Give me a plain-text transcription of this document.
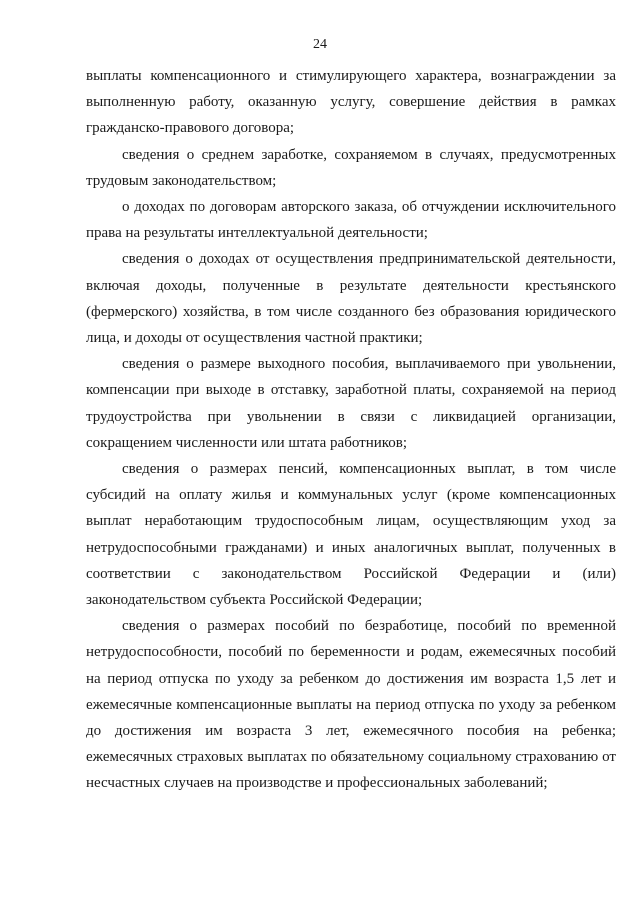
24

выплаты компенсационного и стимулирующего характера, вознаграждении за выполненную работу, оказанную услугу, совершение действия в рамках гражданско-правового договора;

сведения о среднем заработке, сохраняемом в случаях, предусмотренных трудовым законодательством;

о доходах по договорам авторского заказа, об отчуждении исключительного права на результаты интеллектуальной деятельности;

сведения о доходах от осуществления предпринимательской деятельности, включая доходы, полученные в результате деятельности крестьянского (фермерского) хозяйства, в том числе созданного без образования юридического лица, и доходы от осуществления частной практики;

сведения о размере выходного пособия, выплачиваемого при увольнении, компенсации при выходе в отставку, заработной платы, сохраняемой на период трудоустройства при увольнении в связи с ликвидацией организации, сокращением численности или штата работников;

сведения о размерах пенсий, компенсационных выплат, в том числе субсидий на оплату жилья и коммунальных услуг (кроме компенсационных выплат неработающим трудоспособным лицам, осуществляющим уход за нетрудоспособными гражданами) и иных аналогичных выплат, полученных в соответствии с законодательством Российской Федерации и (или) законодательством субъекта Российской Федерации;

сведения о размерах пособий по безработице, пособий по временной нетрудоспособности, пособий по беременности и родам, ежемесячных пособий на период отпуска по уходу за ребенком до достижения им возраста 1,5 лет и ежемесячные компенсационные выплаты на период отпуска по уходу за ребенком до достижения им возраста 3 лет, ежемесячного пособия на ребенка; ежемесячных страховых выплатах по обязательному социальному страхованию от несчастных случаев на производстве и профессиональных заболеваний;
